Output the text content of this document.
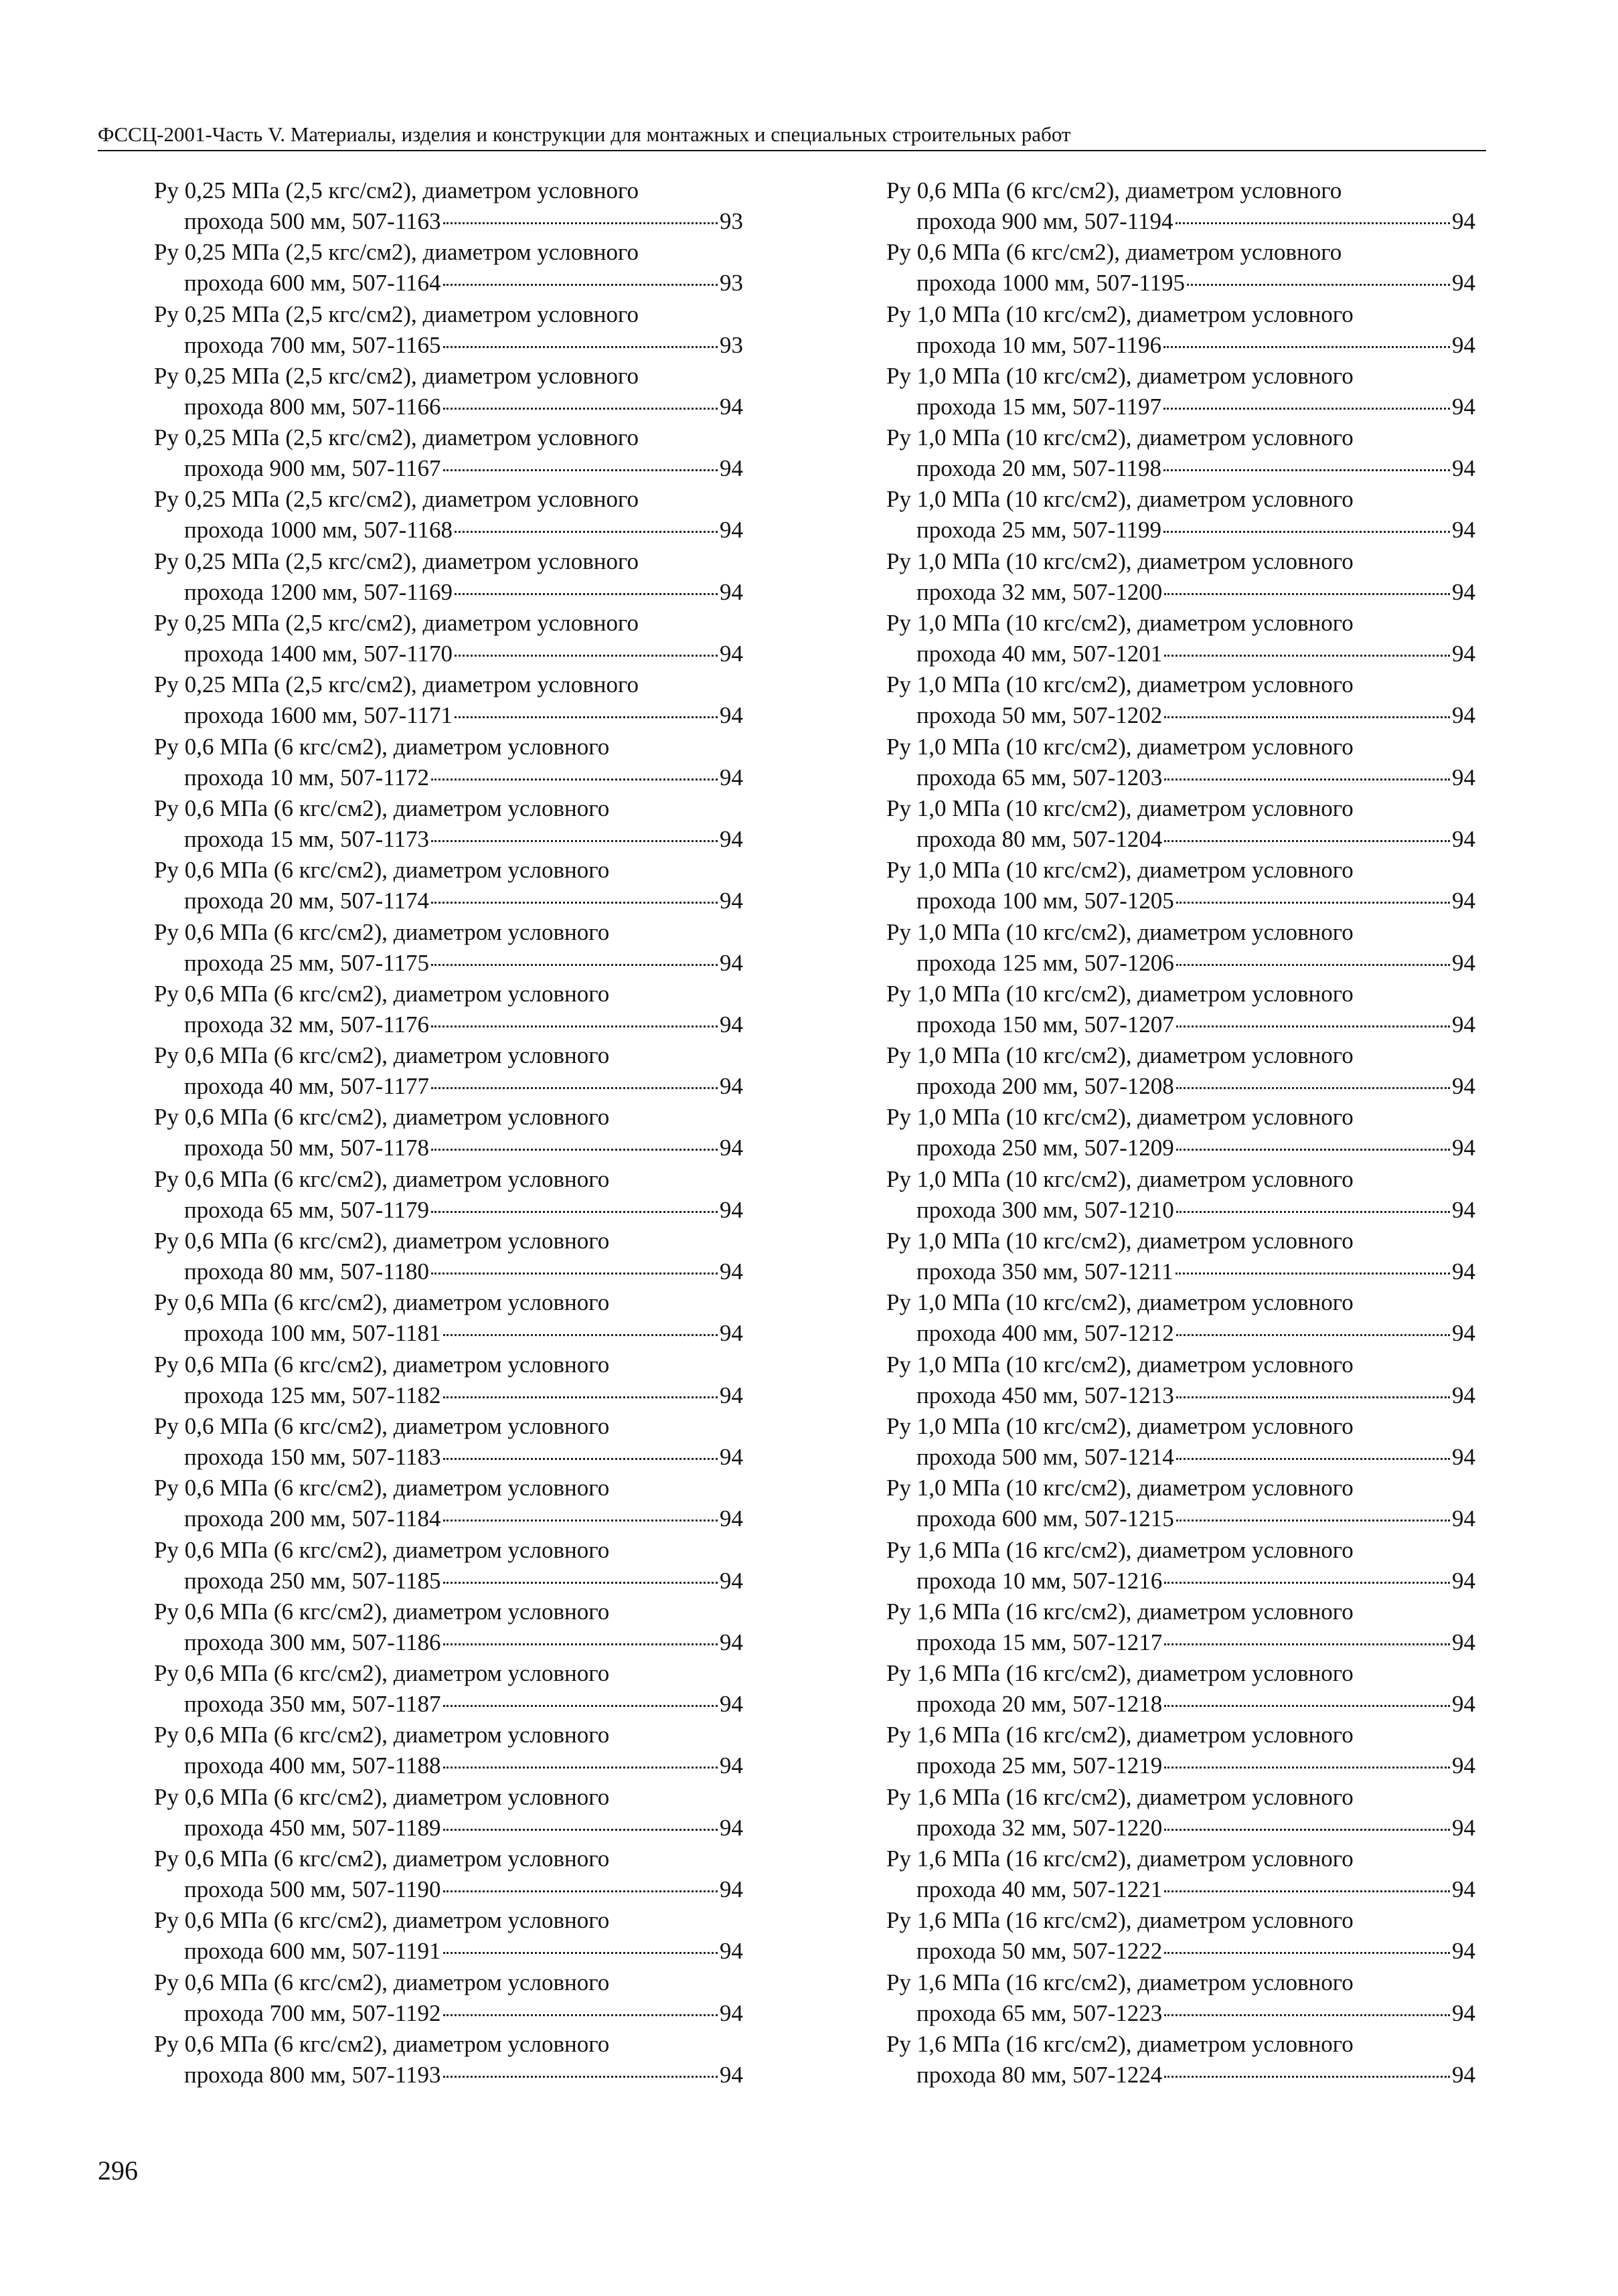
ФССЦ-2001-Часть V. Материалы, изделия и конструкции для монтажных и специальных строительных работ
Ру 0,25 МПа (2,5 кгс/см2), диаметром условного
прохода 500 мм, 507-1163	93
Ру 0,25 МПа (2,5 кгс/см2), диаметром условного
прохода 600 мм, 507-1164	93
Ру 0,25 МПа (2,5 кгс/см2), диаметром условного
прохода 700 мм, 507-1165	93
Ру 0,25 МПа (2,5 кгс/см2), диаметром условного
прохода 800 мм, 507-1166	94
Ру 0,25 МПа (2,5 кгс/см2), диаметром условного
прохода 900 мм, 507-1167	94
Ру 0,25 МПа (2,5 кгс/см2), диаметром условного
прохода 1000 мм, 507-1168	94
Ру 0,25 МПа (2,5 кгс/см2), диаметром условного
прохода 1200 мм, 507-1169	94
Ру 0,25 МПа (2,5 кгс/см2), диаметром условного
прохода 1400 мм, 507-1170	94
Ру 0,25 МПа (2,5 кгс/см2), диаметром условного
прохода 1600 мм, 507-1171	94
Ру 0,6 МПа (6 кгс/см2), диаметром условного
прохода 10 мм, 507-1172	94
Ру 0,6 МПа (6 кгс/см2), диаметром условного
прохода 15 мм, 507-1173	94
Ру 0,6 МПа (6 кгс/см2), диаметром условного
прохода 20 мм, 507-1174	94
Ру 0,6 МПа (6 кгс/см2), диаметром условного
прохода 25 мм, 507-1175	94
Ру 0,6 МПа (6 кгс/см2), диаметром условного
прохода 32 мм, 507-1176	94
Ру 0,6 МПа (6 кгс/см2), диаметром условного
прохода 40 мм, 507-1177	94
Ру 0,6 МПа (6 кгс/см2), диаметром условного
прохода 50 мм, 507-1178	94
Ру 0,6 МПа (6 кгс/см2), диаметром условного
прохода 65 мм, 507-1179	94
Ру 0,6 МПа (6 кгс/см2), диаметром условного
прохода 80 мм, 507-1180	94
Ру 0,6 МПа (6 кгс/см2), диаметром условного
прохода 100 мм, 507-1181	94
Ру 0,6 МПа (6 кгс/см2), диаметром условного
прохода 125 мм, 507-1182	94
Ру 0,6 МПа (6 кгс/см2), диаметром условного
прохода 150 мм, 507-1183	94
Ру 0,6 МПа (6 кгс/см2), диаметром условного
прохода 200 мм, 507-1184	94
Ру 0,6 МПа (6 кгс/см2), диаметром условного
прохода 250 мм, 507-1185	94
Ру 0,6 МПа (6 кгс/см2), диаметром условного
прохода 300 мм, 507-1186	94
Ру 0,6 МПа (6 кгс/см2), диаметром условного
прохода 350 мм, 507-1187	94
Ру 0,6 МПа (6 кгс/см2), диаметром условного
прохода 400 мм, 507-1188	94
Ру 0,6 МПа (6 кгс/см2), диаметром условного
прохода 450 мм, 507-1189	94
Ру 0,6 МПа (6 кгс/см2), диаметром условного
прохода 500 мм, 507-1190	94
Ру 0,6 МПа (6 кгс/см2), диаметром условного
прохода 600 мм, 507-1191	94
Ру 0,6 МПа (6 кгс/см2), диаметром условного
прохода 700 мм, 507-1192	94
Ру 0,6 МПа (6 кгс/см2), диаметром условного
прохода 800 мм, 507-1193	94
Ру 0,6 МПа (6 кгс/см2), диаметром условного
прохода 900 мм, 507-1194	94
Ру 0,6 МПа (6 кгс/см2), диаметром условного
прохода 1000 мм, 507-1195	94
Ру 1,0 МПа (10 кгс/см2), диаметром условного
прохода 10 мм, 507-1196	94
Ру 1,0 МПа (10 кгс/см2), диаметром условного
прохода 15 мм, 507-1197	94
Ру 1,0 МПа (10 кгс/см2), диаметром условного
прохода 20 мм, 507-1198	94
Ру 1,0 МПа (10 кгс/см2), диаметром условного
прохода 25 мм, 507-1199	94
Ру 1,0 МПа (10 кгс/см2), диаметром условного
прохода 32 мм, 507-1200	94
Ру 1,0 МПа (10 кгс/см2), диаметром условного
прохода 40 мм, 507-1201	94
Ру 1,0 МПа (10 кгс/см2), диаметром условного
прохода 50 мм, 507-1202	94
Ру 1,0 МПа (10 кгс/см2), диаметром условного
прохода 65 мм, 507-1203	94
Ру 1,0 МПа (10 кгс/см2), диаметром условного
прохода 80 мм, 507-1204	94
Ру 1,0 МПа (10 кгс/см2), диаметром условного
прохода 100 мм, 507-1205	94
Ру 1,0 МПа (10 кгс/см2), диаметром условного
прохода 125 мм, 507-1206	94
Ру 1,0 МПа (10 кгс/см2), диаметром условного
прохода 150 мм, 507-1207	94
Ру 1,0 МПа (10 кгс/см2), диаметром условного
прохода 200 мм, 507-1208	94
Ру 1,0 МПа (10 кгс/см2), диаметром условного
прохода 250 мм, 507-1209	94
Ру 1,0 МПа (10 кгс/см2), диаметром условного
прохода 300 мм, 507-1210	94
Ру 1,0 МПа (10 кгс/см2), диаметром условного
прохода 350 мм, 507-1211	94
Ру 1,0 МПа (10 кгс/см2), диаметром условного
прохода 400 мм, 507-1212	94
Ру 1,0 МПа (10 кгс/см2), диаметром условного
прохода 450 мм, 507-1213	94
Ру 1,0 МПа (10 кгс/см2), диаметром условного
прохода 500 мм, 507-1214	94
Ру 1,0 МПа (10 кгс/см2), диаметром условного
прохода 600 мм, 507-1215	94
Ру 1,6 МПа (16 кгс/см2), диаметром условного
прохода 10 мм, 507-1216	94
Ру 1,6 МПа (16 кгс/см2), диаметром условного
прохода 15 мм, 507-1217	94
Ру 1,6 МПа (16 кгс/см2), диаметром условного
прохода 20 мм, 507-1218	94
Ру 1,6 МПа (16 кгс/см2), диаметром условного
прохода 25 мм, 507-1219	94
Ру 1,6 МПа (16 кгс/см2), диаметром условного
прохода 32 мм, 507-1220	94
Ру 1,6 МПа (16 кгс/см2), диаметром условного
прохода 40 мм, 507-1221	94
Ру 1,6 МПа (16 кгс/см2), диаметром условного
прохода 50 мм, 507-1222	94
Ру 1,6 МПа (16 кгс/см2), диаметром условного
прохода 65 мм, 507-1223	94
Ру 1,6 МПа (16 кгс/см2), диаметром условного
прохода 80 мм, 507-1224	94
296
